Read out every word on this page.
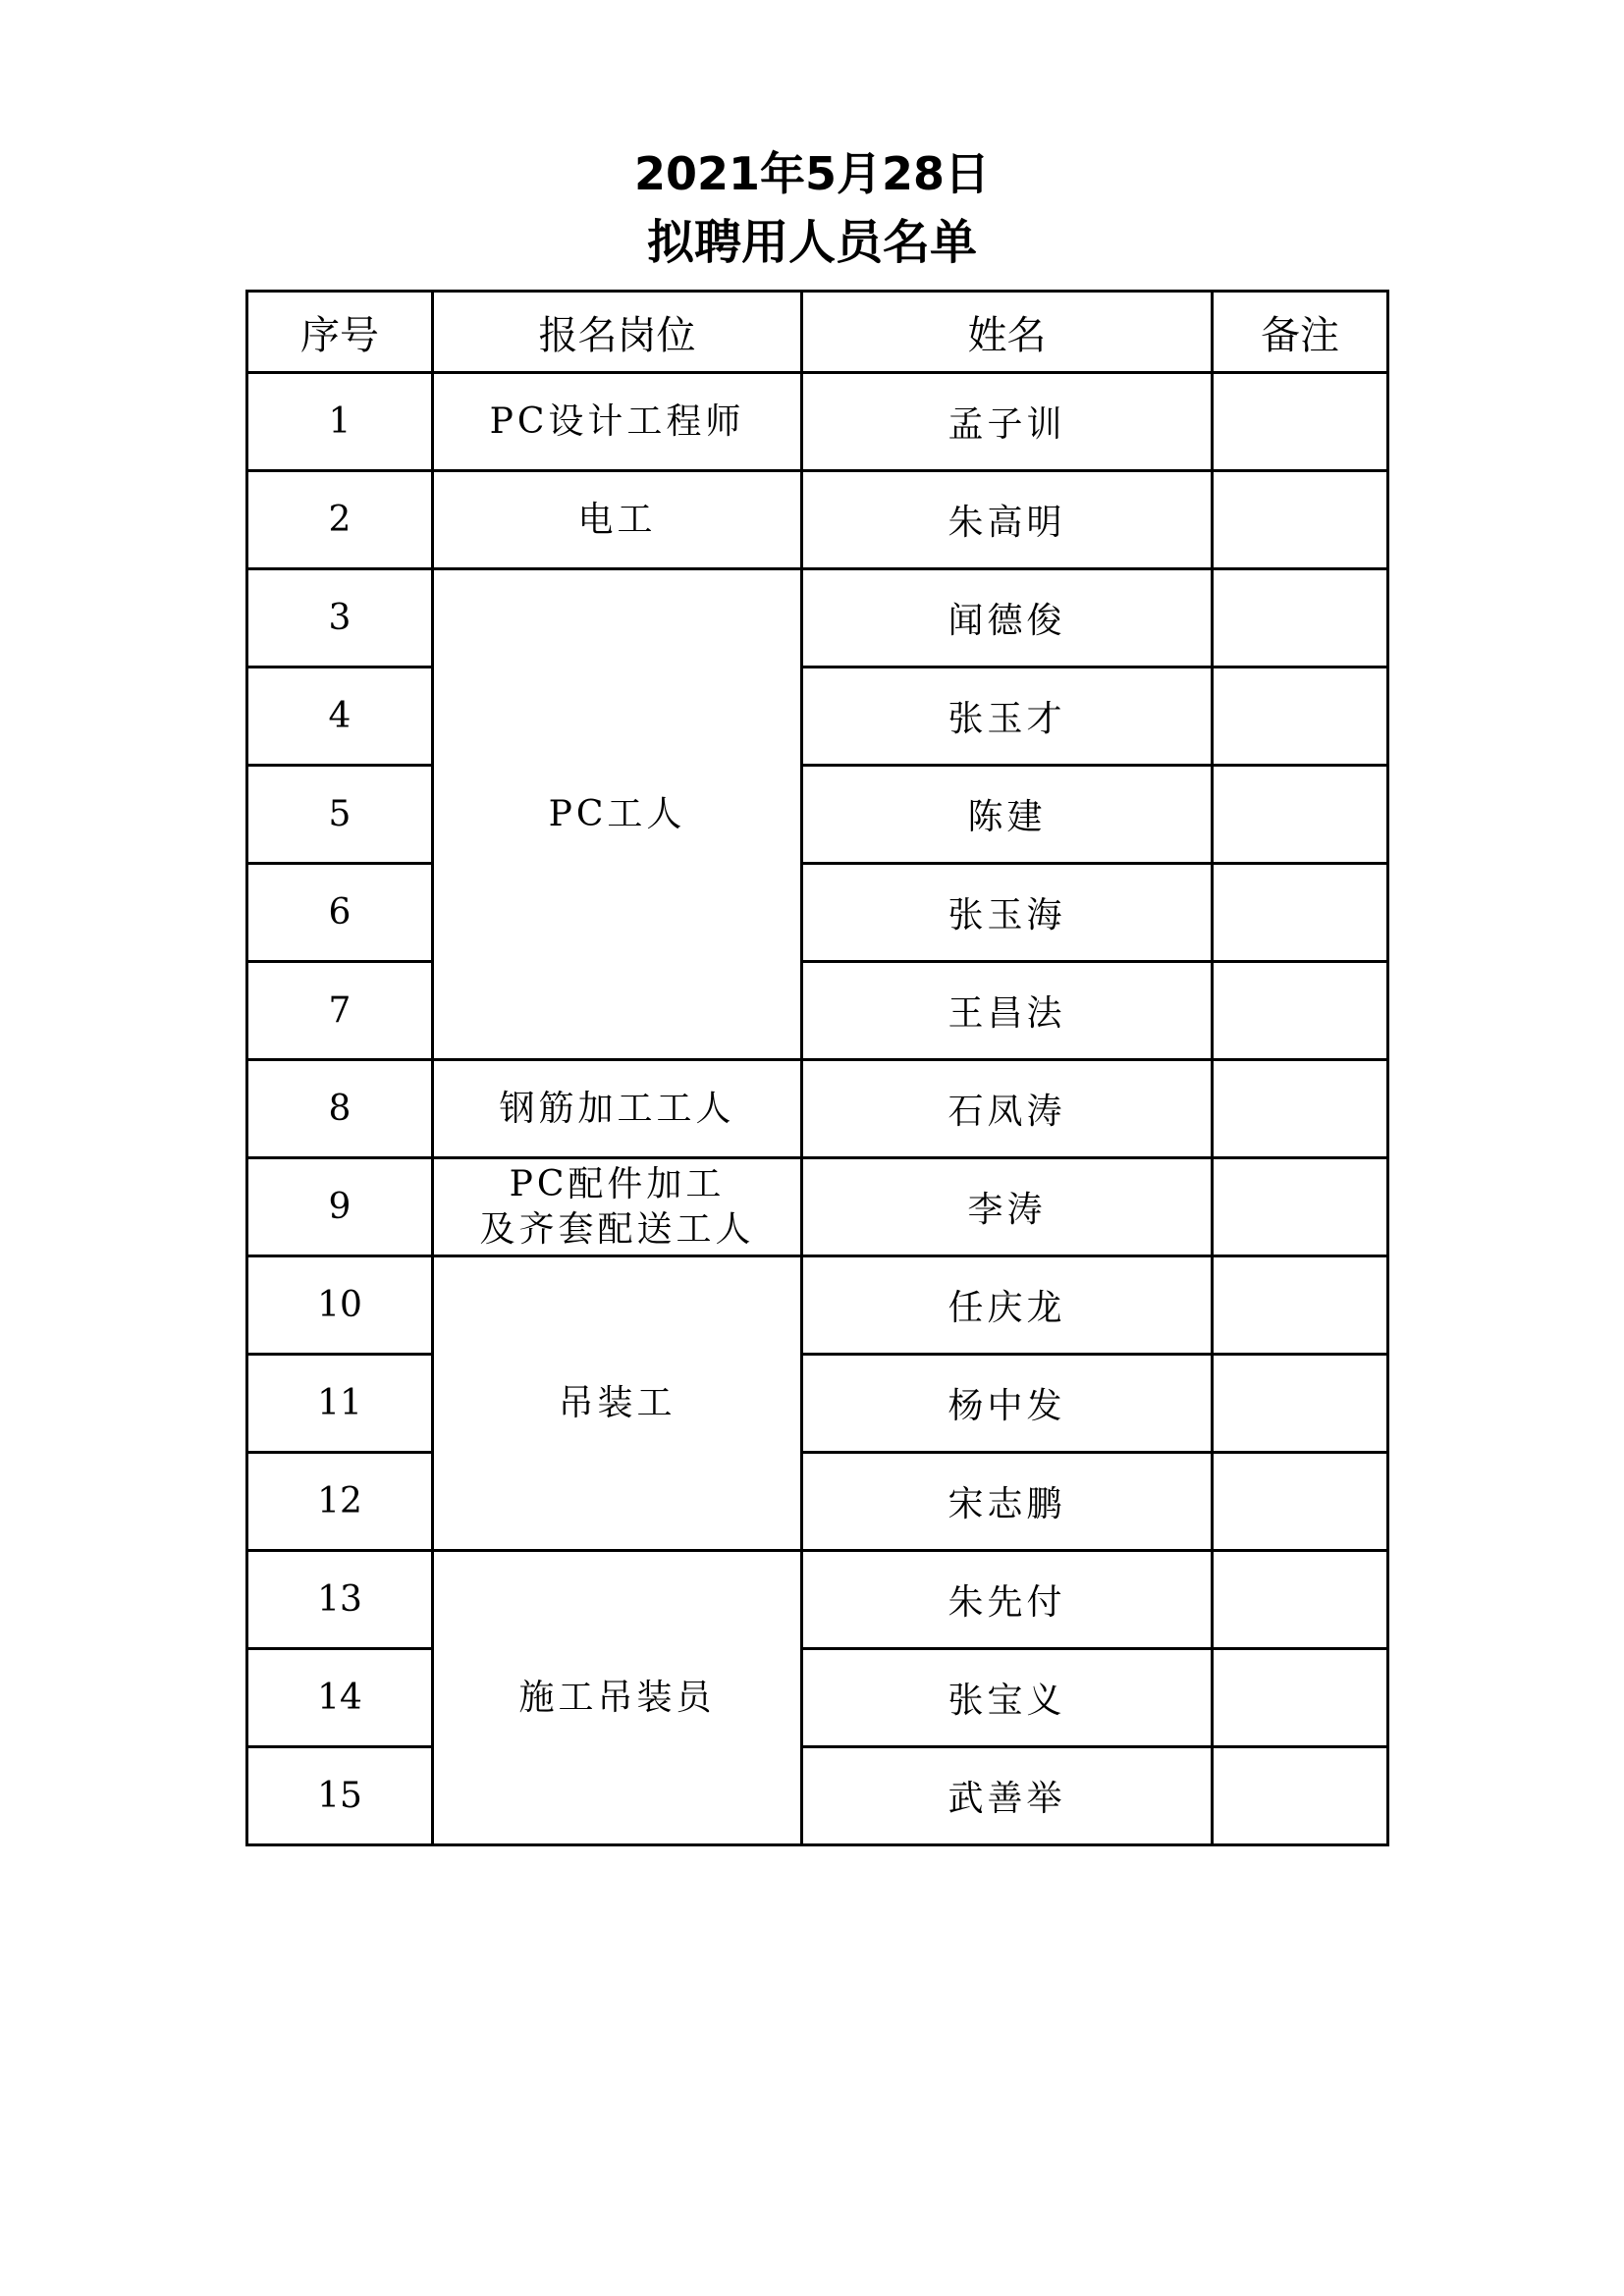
2021年5月28日
拟聘用人员名单
序号	报名岗位	姓名	备注
1	PC设计工程师	孟子训	
2	电工	朱高明	
3	PC工人	闻德俊	
4		张玉才	
5		陈建	
6		张玉海	
7		王昌法	
8	钢筋加工工人	石凤涛	
9	PC配件加工
及齐套配送工人	李涛	
10	吊装工	任庆龙	
11		杨中发	
12		宋志鹏	
13	施工吊装员	朱先付	
14		张宝义	
15		武善举	
